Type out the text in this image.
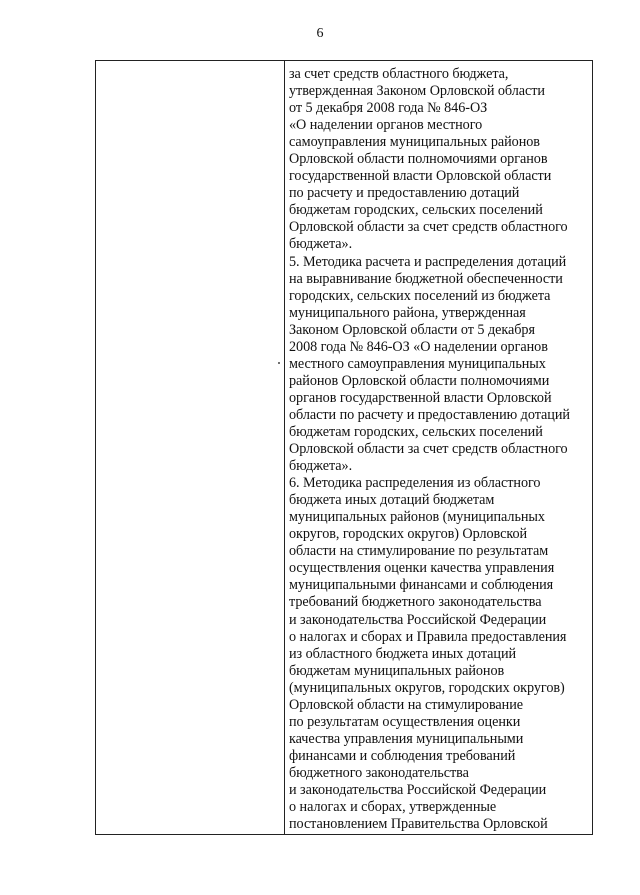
6
за счет средств областного бюджета,
утвержденная Законом Орловской области
от 5 декабря 2008 года № 846-ОЗ
«О наделении органов местного
самоуправления муниципальных районов
Орловской области полномочиями органов
государственной власти Орловской области
по расчету и предоставлению дотаций
бюджетам городских, сельских поселений
Орловской области за счет средств областного
бюджета».
5. Методика расчета и распределения дотаций
на выравнивание бюджетной обеспеченности
городских, сельских поселений из бюджета
муниципального района, утвержденная
Законом Орловской области от 5 декабря
2008 года № 846-ОЗ «О наделении органов
местного самоуправления муниципальных
районов Орловской области полномочиями
органов государственной власти Орловской
области по расчету и предоставлению дотаций
бюджетам городских, сельских поселений
Орловской области за счет средств областного
бюджета».
6. Методика распределения из областного
бюджета иных дотаций бюджетам
муниципальных районов (муниципальных
округов, городских округов) Орловской
области на стимулирование по результатам
осуществления оценки качества управления
муниципальными финансами и соблюдения
требований бюджетного законодательства
и законодательства Российской Федерации
о налогах и сборах и Правила предоставления
из областного бюджета иных дотаций
бюджетам муниципальных районов
(муниципальных округов, городских округов)
Орловской области на стимулирование
по результатам осуществления оценки
качества управления муниципальными
финансами и соблюдения требований
бюджетного законодательства
и законодательства Российской Федерации
о налогах и сборах, утвержденные
постановлением Правительства Орловской
